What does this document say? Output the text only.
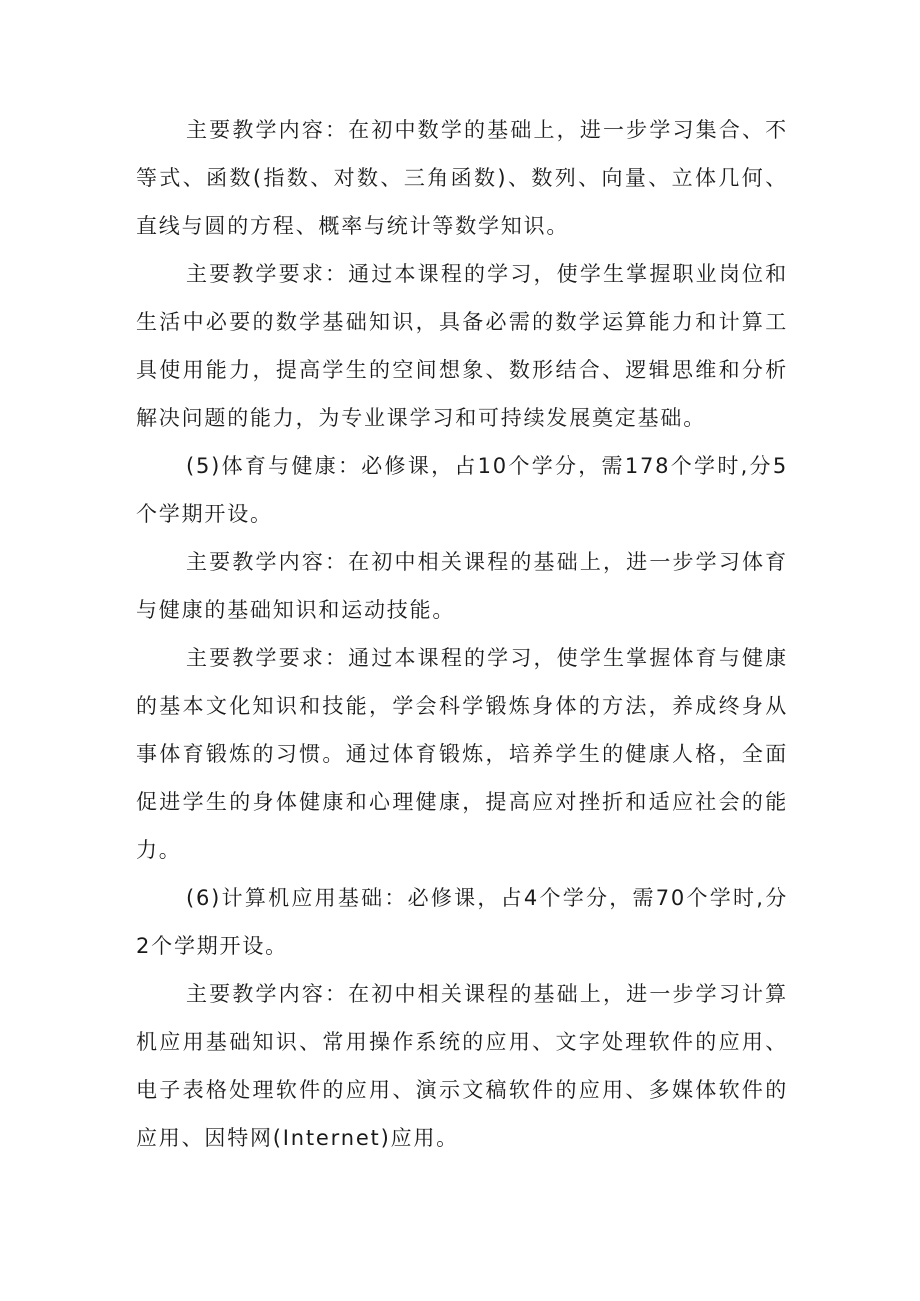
主要教学内容：在初中数学的基础上，进一步学习集合、不等式、函数(指数、对数、三角函数)、数列、向量、立体几何、直线与圆的方程、概率与统计等数学知识。

主要教学要求：通过本课程的学习，使学生掌握职业岗位和生活中必要的数学基础知识，具备必需的数学运算能力和计算工具使用能力，提高学生的空间想象、数形结合、逻辑思维和分析解决问题的能力，为专业课学习和可持续发展奠定基础。

(5)体育与健康：必修课，占10个学分，需178个学时,分5个学期开设。

主要教学内容：在初中相关课程的基础上，进一步学习体育与健康的基础知识和运动技能。

主要教学要求：通过本课程的学习，使学生掌握体育与健康的基本文化知识和技能，学会科学锻炼身体的方法，养成终身从事体育锻炼的习惯。通过体育锻炼，培养学生的健康人格，全面促进学生的身体健康和心理健康，提高应对挫折和适应社会的能力。

(6)计算机应用基础：必修课，占4个学分，需70个学时,分2个学期开设。

主要教学内容：在初中相关课程的基础上，进一步学习计算机应用基础知识、常用操作系统的应用、文字处理软件的应用、电子表格处理软件的应用、演示文稿软件的应用、多媒体软件的应用、因特网(Internet)应用。
